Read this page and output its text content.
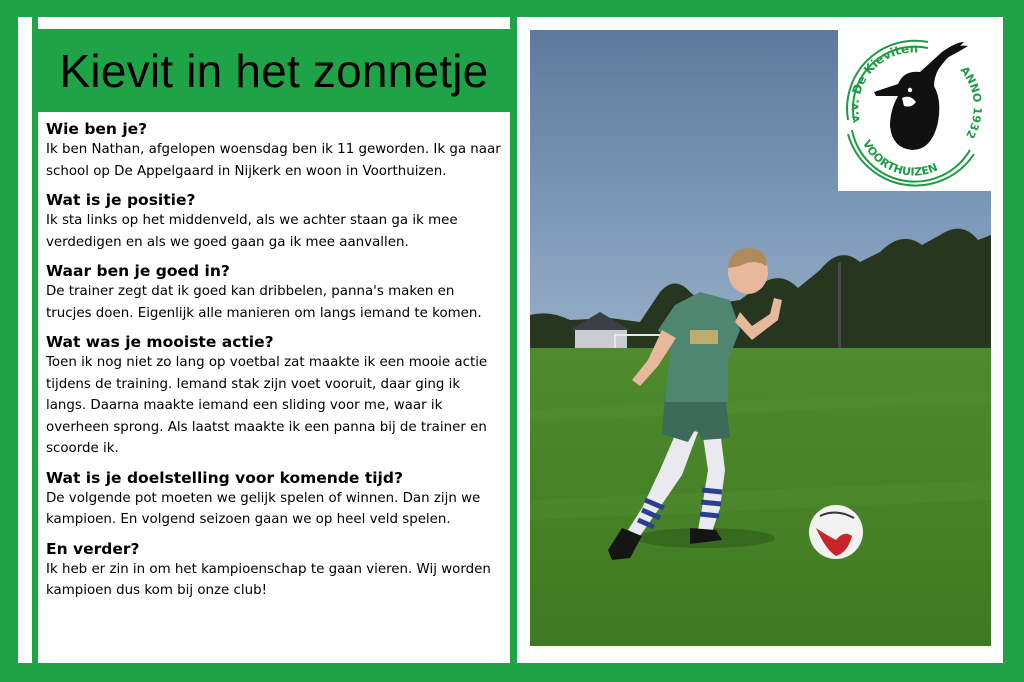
Kievit in het zonnetje
Wie ben je?

Ik ben Nathan, afgelopen woensdag ben ik 11 geworden. Ik ga naar school op De Appelgaard in Nijkerk en woon in Voorthuizen.

Wat is je positie?

Ik sta links op het middenveld, als we achter staan ga ik mee verdedigen en als we goed gaan ga ik mee aanvallen.

Waar ben je goed in?

De trainer zegt dat ik goed kan dribbelen, panna's maken en trucjes doen. Eigenlijk alle manieren om langs iemand te komen.

Wat was je mooiste actie?

Toen ik nog niet zo lang op voetbal zat maakte ik een mooie actie tijdens de training. Iemand stak zijn voet vooruit, daar ging ik langs. Daarna maakte iemand een sliding voor me, waar ik overheen sprong. Als laatst maakte ik een panna bij de trainer en scoorde ik.

Wat is je doelstelling voor komende tijd?

De volgende pot moeten we gelijk spelen of winnen. Dan zijn we kampioen. En volgend seizoen gaan we op heel veld spelen.

En verder?

Ik heb er zin in om het kampioenschap te gaan vieren. Wij worden kampioen dus kom bij onze club!

v.v. De Kieviten
ANNO 1932
VOORTHUIZEN
